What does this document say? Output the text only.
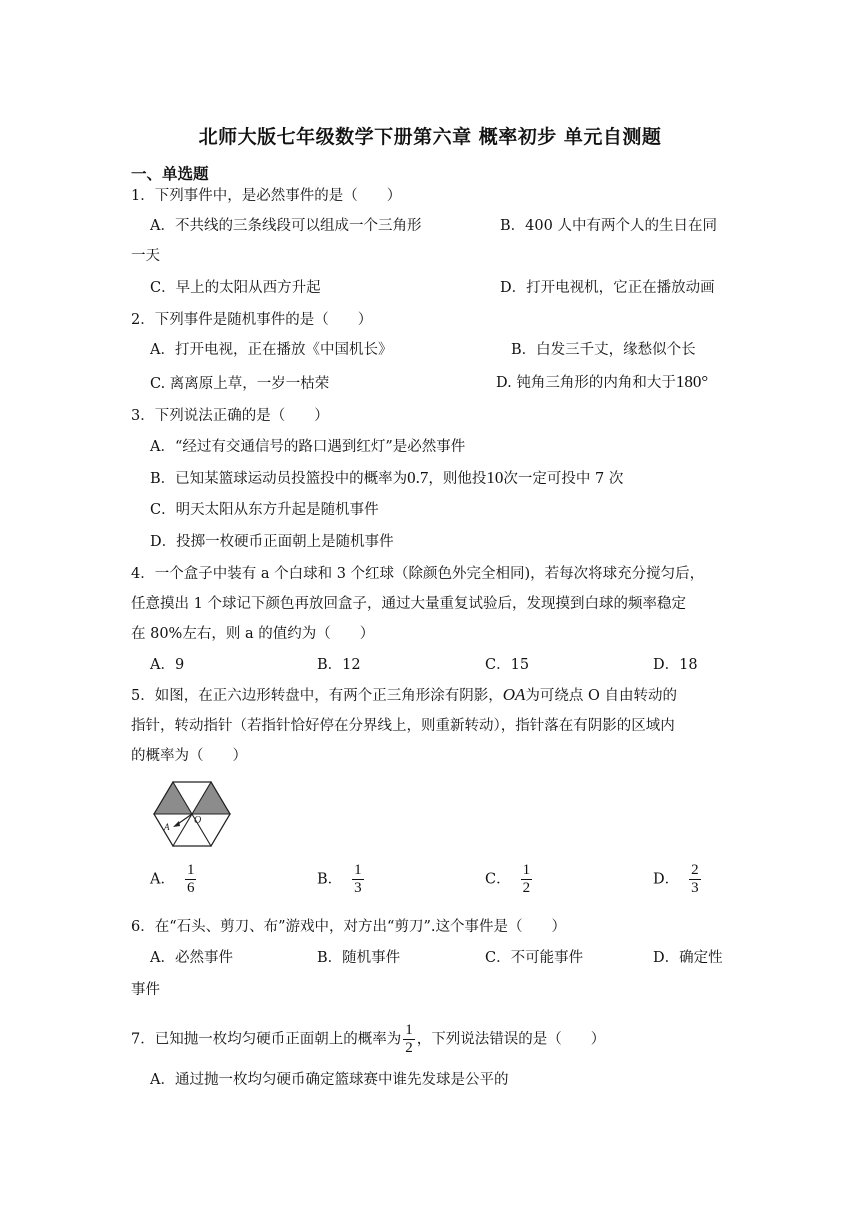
北师大版七年级数学下册第六章 概率初步 单元自测题
一、单选题
1．下列事件中，是必然事件的是（　　）
A．不共线的三条线段可以组成一个三角形	B．400 人中有两个人的生日在同
一天
C．早上的太阳从西方升起	D．打开电视机，它正在播放动画
2．下列事件是随机事件的是（　　）
A．打开电视，正在播放《中国机长》	B．白发三千丈，缘愁似个长
C. 离离原上草，一岁一枯荣	D. 钝角三角形的内角和大于180°
3．下列说法正确的是（　　）
A．“经过有交通信号的路口遇到红灯”是必然事件
B．已知某篮球运动员投篮投中的概率为0.7，则他投10次一定可投中 7 次
C．明天太阳从东方升起是随机事件
D．投掷一枚硬币正面朝上是随机事件
4．一个盒子中装有 a 个白球和 3 个红球（除颜色外完全相同)，若每次将球充分搅匀后，
任意摸出 1 个球记下颜色再放回盒子，通过大量重复试验后，发现摸到白球的频率稳定
在 80%左右，则 a 的值约为（　　）
A．9	B．12	C．15	D．18
5．如图，在正六边形转盘中，有两个正三角形涂有阴影，OA为可绕点 O 自由转动的
指针，转动指针（若指针恰好停在分界线上，则重新转动），指针落在有阴影的区域内
的概率为（　　）
A
O
A． $\frac{1}{6}$	B． $\frac{1}{3}$	C． $\frac{1}{2}$	D． $\frac{2}{3}$
6．在“石头、剪刀、布”游戏中，对方出“剪刀”.这个事件是（　　）
A．必然事件	B．随机事件	C．不可能事件	D．确定性
事件
7．已知抛一枚均匀硬币正面朝上的概率为 $\frac{1}{2}$ ，下列说法错误的是（　　）
A．通过抛一枚均匀硬币确定篮球赛中谁先发球是公平的
